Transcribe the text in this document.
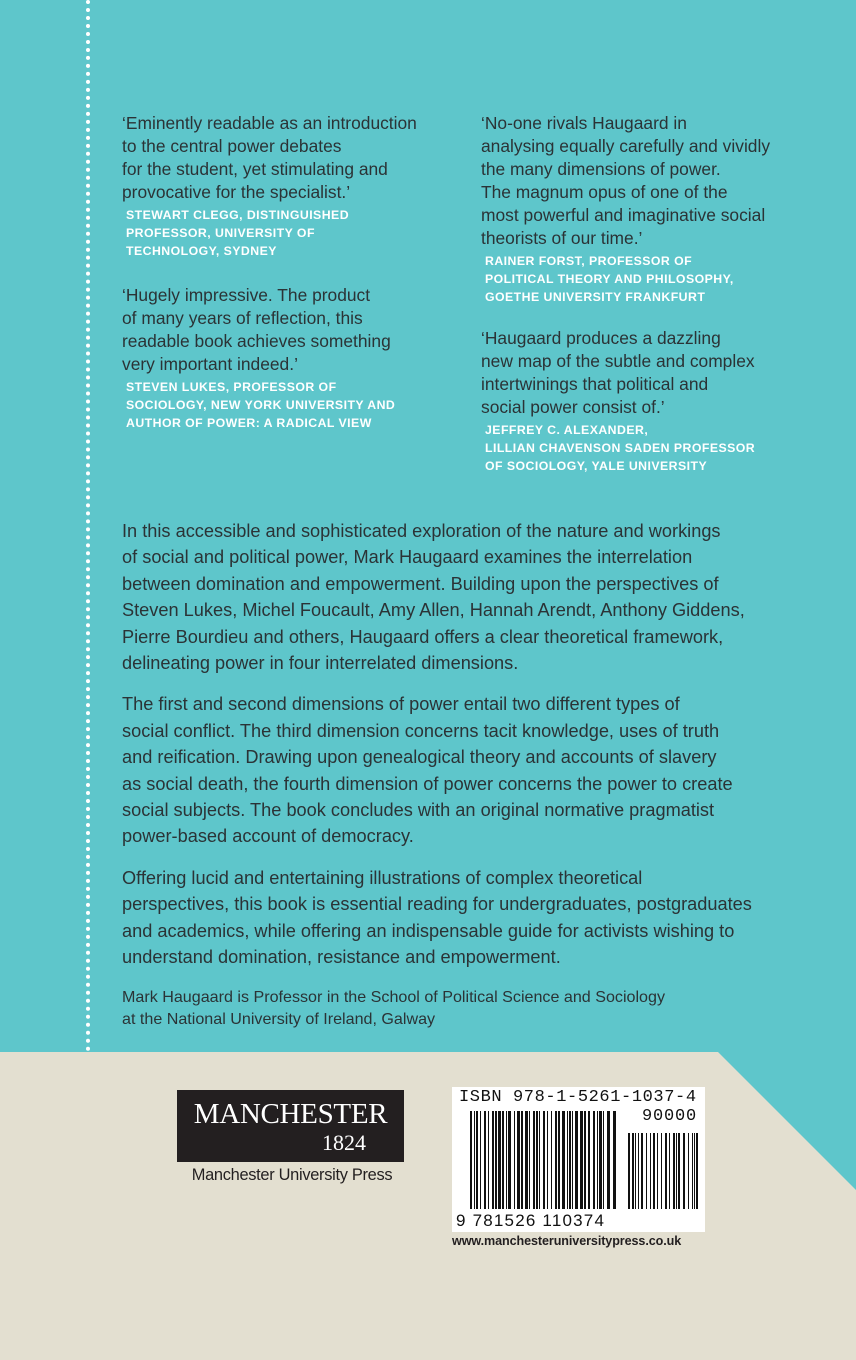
‘Eminently readable as an introduction
to the central power debates
for the student, yet stimulating and
provocative for the specialist.’

STEWART CLEGG, DISTINGUISHED
PROFESSOR, UNIVERSITY OF
TECHNOLOGY, SYDNEY

‘Hugely impressive. The product
of many years of reflection, this
readable book achieves something
very important indeed.’

STEVEN LUKES, PROFESSOR OF
SOCIOLOGY, NEW YORK UNIVERSITY AND
AUTHOR OF POWER: A RADICAL VIEW

‘No-one rivals Haugaard in
analysing equally carefully and vividly
the many dimensions of power.
The magnum opus of one of the
most powerful and imaginative social
theorists of our time.’

RAINER FORST, PROFESSOR OF
POLITICAL THEORY AND PHILOSOPHY,
GOETHE UNIVERSITY FRANKFURT

‘Haugaard produces a dazzling
new map of the subtle and complex
intertwinings that political and
social power consist of.’

JEFFREY C. ALEXANDER,
LILLIAN CHAVENSON SADEN PROFESSOR
OF SOCIOLOGY, YALE UNIVERSITY

In this accessible and sophisticated exploration of the nature and workings
of social and political power, Mark Haugaard examines the interrelation
between domination and empowerment. Building upon the perspectives of
Steven Lukes, Michel Foucault, Amy Allen, Hannah Arendt, Anthony Giddens,
Pierre Bourdieu and others, Haugaard offers a clear theoretical framework,
delineating power in four interrelated dimensions.

The first and second dimensions of power entail two different types of
social conflict. The third dimension concerns tacit knowledge, uses of truth
and reification. Drawing upon genealogical theory and accounts of slavery
as social death, the fourth dimension of power concerns the power to create
social subjects. The book concludes with an original normative pragmatist
power-based account of democracy.

Offering lucid and entertaining illustrations of complex theoretical
perspectives, this book is essential reading for undergraduates, postgraduates
and academics, while offering an indispensable guide for activists wishing to
understand domination, resistance and empowerment.

Mark Haugaard is Professor in the School of Political Science and Sociology
at the National University of Ireland, Galway

MANCHESTER
1824
Manchester University Press
ISBN 978-1-5261-1037-4
90000
9 781526 110374
www.manchesteruniversitypress.co.uk
